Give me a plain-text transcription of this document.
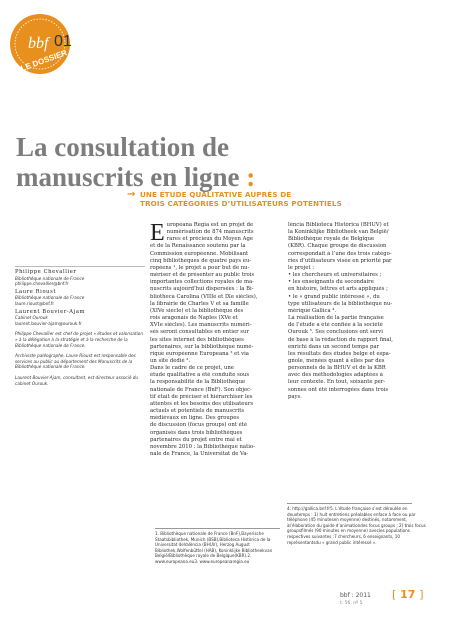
bbf 01
LE DOSSIER
La consultation de
manuscrits en ligne :
→ UNE ÉTUDE QUALITATIVE AUPRÈS DE
TROIS CATÉGORIES D’UTILISATEURS POTENTIELS
Philippe Chevallier
Bibliothèque nationale de France
philippe.chevallier@bnf.fr
Laure Rioust
Bibliothèque nationale de France
laure.rioust@bnf.fr
Laurent Bouvier-Ajam
Cabinet Ourouk
laurent.bouvier-ajam@ourouk.fr
Philippe Chevallier est chef de projet « études et valorisation » à la délégation à la stratégie et à la recherche de la Bibliothèque nationale de France.
Archiviste paléographe, Laure Rioust est responsable des services au public au département des Manuscrits de la Bibliothèque nationale de France.
Laurent Bouvier-Ajam, consultant, est directeur associé du cabinet Ourouk.
E uropeana Regia est un projet de
numérisation de 874 manuscrits
rares et précieux du Moyen Âge
et de la Renaissance soutenu par la
Commission européenne. Mobilisant
cinq bibliothèques de quatre pays eu-
ropéens ¹, le projet a pour but de nu-
mériser et de présenter au public trois
importantes collections royales de ma-
nuscrits aujourd’hui dispersées : la Bi-
bliotheca Carolina (VIIIe et IXe siècles),
la librairie de Charles V et sa famille
(XIVe siècle) et la bibliothèque des
rois aragonais de Naples (XVe et
XVIe siècles). Les manuscrits numéri-
sés seront consultables en entier sur
les sites internet des bibliothèques
partenaires, sur la bibliothèque numé-
rique européenne Europeana ² et via
un site dédié ³.
Dans le cadre de ce projet, une
étude qualitative a été conduite sous
la responsabilité de la Bibliothèque
nationale de France (BnF). Son objec-
tif était de préciser et hiérarchiser les
attentes et les besoins des utilisateurs
actuels et potentiels de manuscrits
médiévaux en ligne. Des groupes
de discussion (focus groups) ont été
organisés dans trois bibliothèques
partenaires du projet entre mai et
novembre 2010 : la Bibliothèque natio-
nale de France, la Universitat de Va-
lència Biblioteca Històrica (BHUV) et
la Koninklijke Bibliotheek van België/
Bibliothèque royale de Belgique
(KBR). Chaque groupe de discussion
correspondait à l’une des trois catégo-
ries d’utilisateurs visée en priorité par
le projet :
• les chercheurs et universitaires ;
• les enseignants du secondaire
en histoire, lettres et arts appliqués ;
• le « grand public intéressé », du
type utilisateurs de la bibliothèque nu-
mérique Gallica ⁴.
La réalisation de la partie française
de l’étude a été confiée à la société
Ourouk ⁵. Ses conclusions ont servi
de base à la rédaction du rapport final,
enrichi dans un second temps par
les résultats des études belge et espa-
gnole, menées quant à elles par des
personnels de la BHUV et de la KBR
avec des méthodologies adaptées à
leur contexte. En tout, soixante per-
sonnes ont été interrogées dans trois
pays.
1. Bibliothèque nationale de France (BnF),Bayerische Staatsbibliothek, Munich (BSB),Biblioteca Històrica de la Universitat deValència (BHUV), Herzog August Bibliothek,Wolfenbüttel (HAB), Koninklijke Bibliotheekvan België/Bibliothèque royale de Belgique(KBR).2. www.europeana.eu3. www.europeanaregia.eu
4. http://gallica.bnf.fr5. L’étude française s’est déroulée en deuxtemps : 1) huit entretiens préalables enface à face ou par téléphone (45 minutesen moyenne) destinés, notamment, àl’élaboration du guide d’animationdes focus groups ; 2) trois focus groupsfilmés (90 minutes en moyenne) avecles populations respectives suivantes :7 chercheurs, 6 enseignants, 10 représentantsdu « grand public intéressé ».
bbf : 2011
t. 56, nº 5
[ 17 ]
